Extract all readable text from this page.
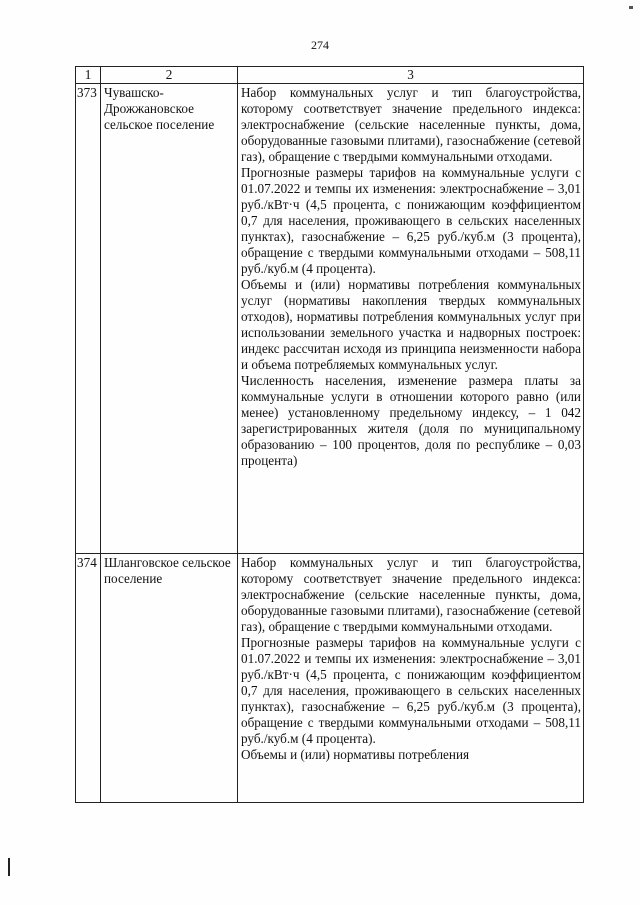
274
1	2	3
373	Чувашско-Дрожжановское сельское поселение	Набор коммунальных услуг и тип благоустройства, которому соответствует значение предельного индекса: электроснабжение (сельские населенные пункты, дома, оборудованные газовыми плитами), газоснабжение (сетевой газ), обращение с твердыми коммунальными отходами.

Прогнозные размеры тарифов на коммунальные услуги с 01.07.2022 и темпы их изменения: электроснабжение – 3,01 руб./кВт·ч (4,5 процента, с понижающим коэффициентом 0,7 для населения, проживающего в сельских населенных пунктах), газоснабжение – 6,25 руб./куб.м (3 процента), обращение с твердыми коммунальными отходами – 508,11 руб./куб.м (4 процента).

Объемы и (или) нормативы потребления коммунальных услуг (нормативы накопления твердых коммунальных отходов), нормативы потребления коммунальных услуг при использовании земельного участка и надворных построек: индекс рассчитан исходя из принципа неизменности набора и объема потребляемых коммунальных услуг.

Численность населения, изменение размера платы за коммунальные услуги в отношении которого равно (или менее) установленному предельному индексу, – 1 042 зарегистрированных жителя (доля по муниципальному образованию – 100 процентов, доля по республике – 0,03 процента)

374	Шланговское сельское поселение	Набор коммунальных услуг и тип благоустройства, которому соответствует значение предельного индекса: электроснабжение (сельские населенные пункты, дома, оборудованные газовыми плитами), газоснабжение (сетевой газ), обращение с твердыми коммунальными отходами.

Прогнозные размеры тарифов на коммунальные услуги с 01.07.2022 и темпы их изменения: электроснабжение – 3,01 руб./кВт·ч (4,5 процента, с понижающим коэффициентом 0,7 для населения, проживающего в сельских населенных пунктах), газоснабжение – 6,25 руб./куб.м (3 процента), обращение с твердыми коммунальными отходами – 508,11 руб./куб.м (4 процента).

Объемы и (или) нормативы потребления
